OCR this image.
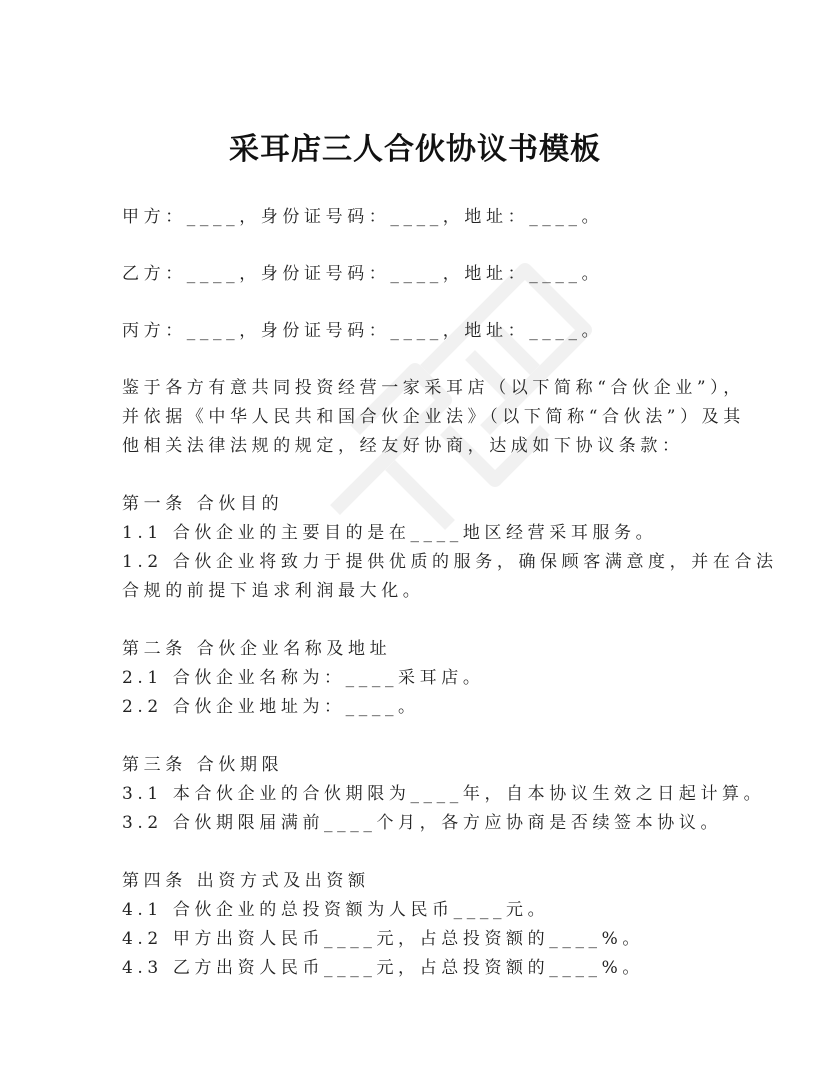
采耳店三人合伙协议书模板
甲方：____，身份证号码：____，地址：____。
乙方：____，身份证号码：____，地址：____。
丙方：____，身份证号码：____，地址：____。
鉴于各方有意共同投资经营一家采耳店（以下简称“合伙企业”），
并依据《中华人民共和国合伙企业法》（以下简称“合伙法”）及其
他相关法律法规的规定，经友好协商，达成如下协议条款：
第一条 合伙目的
1.1 合伙企业的主要目的是在____地区经营采耳服务。
1.2 合伙企业将致力于提供优质的服务，确保顾客满意度，并在合法
合规的前提下追求利润最大化。
第二条 合伙企业名称及地址
2.1 合伙企业名称为：____采耳店。
2.2 合伙企业地址为：____。
第三条 合伙期限
3.1 本合伙企业的合伙期限为____年，自本协议生效之日起计算。
3.2 合伙期限届满前____个月，各方应协商是否续签本协议。
第四条 出资方式及出资额
4.1 合伙企业的总投资额为人民币____元。
4.2 甲方出资人民币____元，占总投资额的____%。
4.3 乙方出资人民币____元，占总投资额的____%。
